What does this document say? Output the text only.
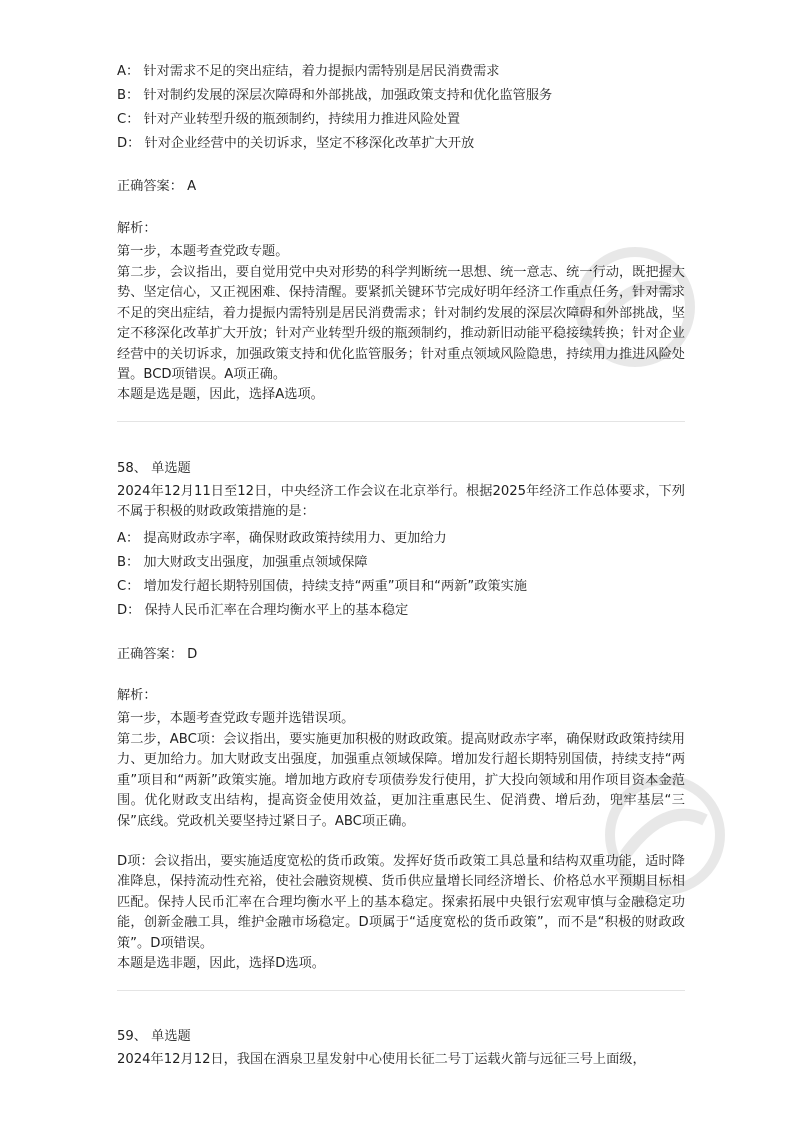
A： 针对需求不足的突出症结，着力提振内需特别是居民消费需求
B： 针对制约发展的深层次障碍和外部挑战，加强政策支持和优化监管服务
C： 针对产业转型升级的瓶颈制约，持续用力推进风险处置
D： 针对企业经营中的关切诉求，坚定不移深化改革扩大开放
正确答案： A
解析：
第一步，本题考查党政专题。
第二步，会议指出，要自觉用党中央对形势的科学判断统一思想、统一意志、统一行动，既把握大势、坚定信心，又正视困难、保持清醒。要紧抓关键环节完成好明年经济工作重点任务，针对需求不足的突出症结，着力提振内需特别是居民消费需求；针对制约发展的深层次障碍和外部挑战，坚定不移深化改革扩大开放；针对产业转型升级的瓶颈制约，推动新旧动能平稳接续转换；针对企业经营中的关切诉求，加强政策支持和优化监管服务；针对重点领域风险隐患，持续用力推进风险处置。BCD项错误。A项正确。
本题是选是题，因此，选择A选项。
58、 单选题
2024年12月11日至12日，中央经济工作会议在北京举行。根据2025年经济工作总体要求，下列不属于积极的财政政策措施的是：
A： 提高财政赤字率，确保财政政策持续用力、更加给力
B： 加大财政支出强度，加强重点领域保障
C： 增加发行超长期特别国债，持续支持“两重”项目和“两新”政策实施
D： 保持人民币汇率在合理均衡水平上的基本稳定
正确答案： D
解析：
第一步，本题考查党政专题并选错误项。
第二步，ABC项：会议指出，要实施更加积极的财政政策。提高财政赤字率，确保财政政策持续用力、更加给力。加大财政支出强度，加强重点领域保障。增加发行超长期特别国债，持续支持“两重”项目和“两新”政策实施。增加地方政府专项债券发行使用，扩大投向领域和用作项目资本金范围。优化财政支出结构，提高资金使用效益，更加注重惠民生、促消费、增后劲，兜牢基层“三保”底线。党政机关要坚持过紧日子。ABC项正确。
D项：会议指出，要实施适度宽松的货币政策。发挥好货币政策工具总量和结构双重功能，适时降准降息，保持流动性充裕，使社会融资规模、货币供应量增长同经济增长、价格总水平预期目标相匹配。保持人民币汇率在合理均衡水平上的基本稳定。探索拓展中央银行宏观审慎与金融稳定功能，创新金融工具，维护金融市场稳定。D项属于“适度宽松的货币政策”，而不是“积极的财政政策”。D项错误。
本题是选非题，因此，选择D选项。
59、 单选题
2024年12月12日，我国在酒泉卫星发射中心使用长征二号丁运载火箭与远征三号上面级，
